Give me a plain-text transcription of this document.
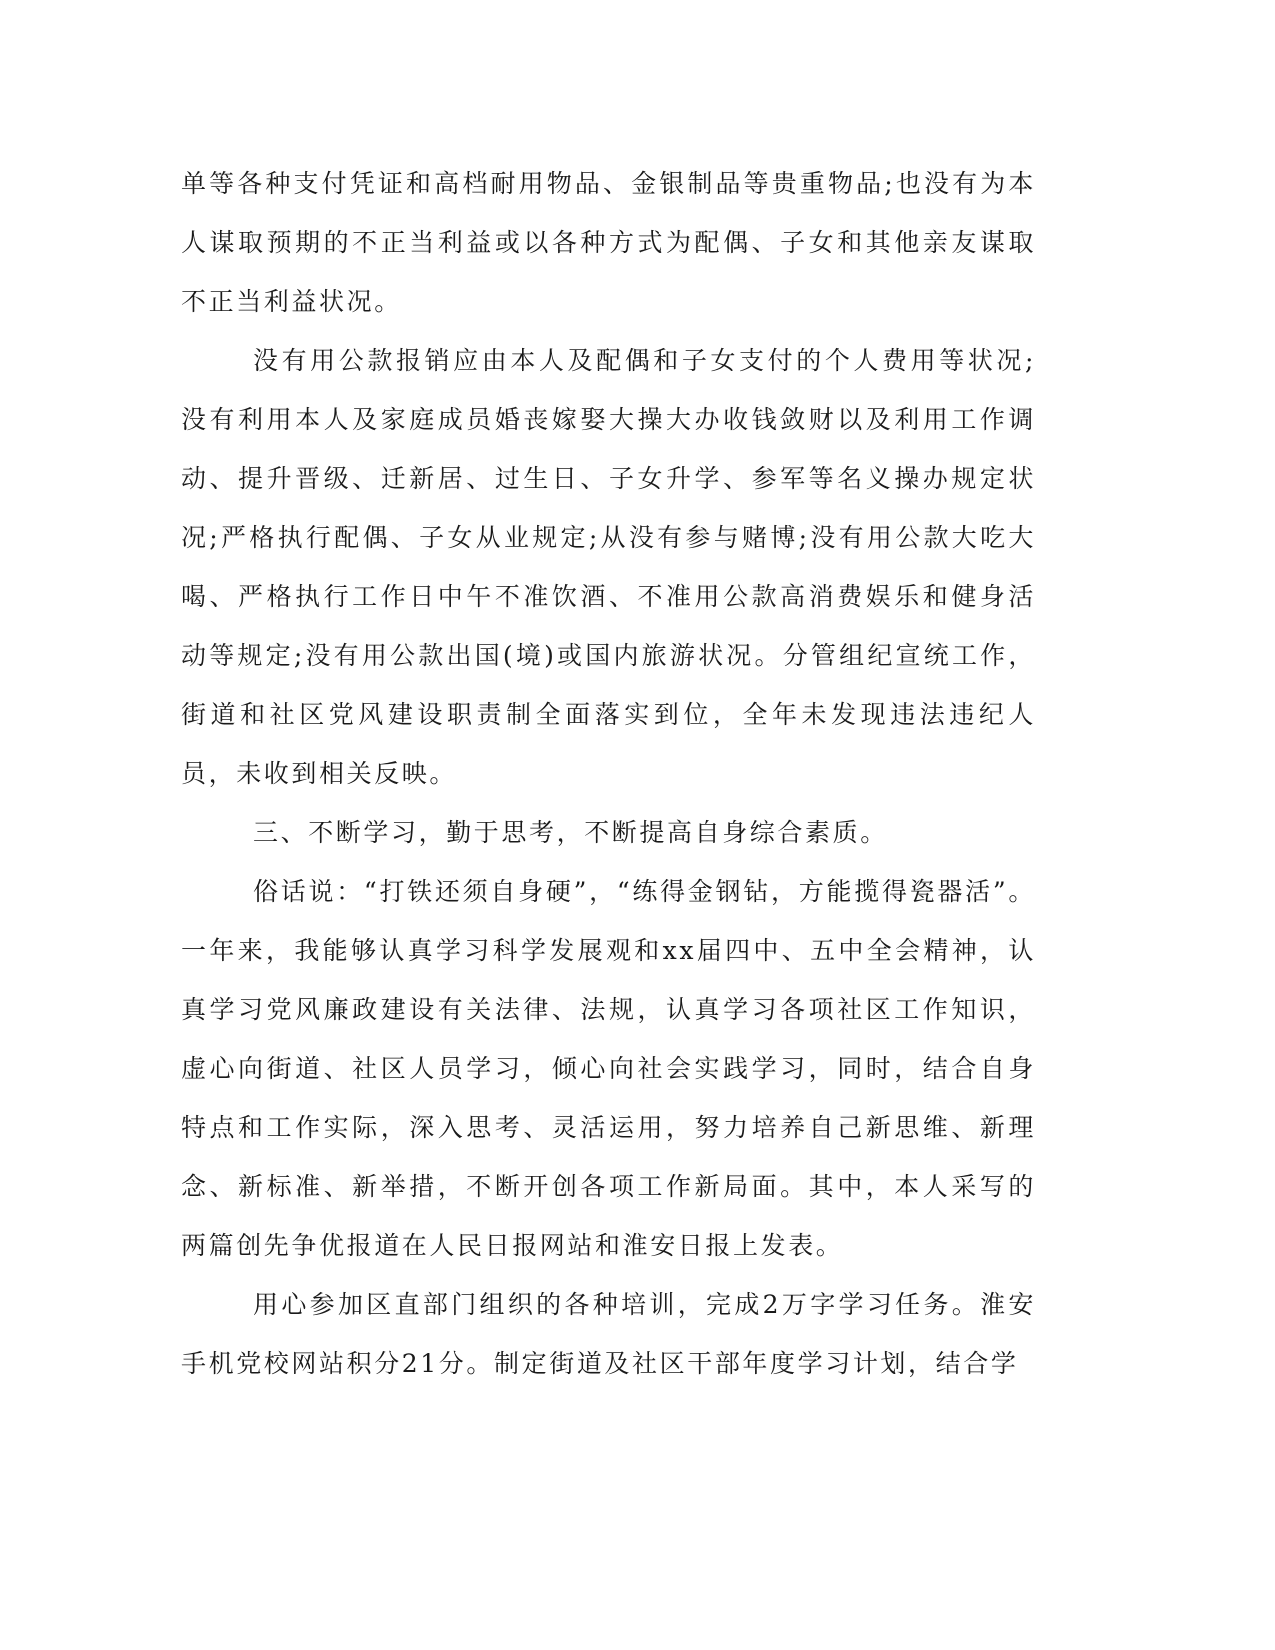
单等各种支付凭证和高档耐用物品、金银制品等贵重物品;也没有为本人谋取预期的不正当利益或以各种方式为配偶、子女和其他亲友谋取不正当利益状况。

没有用公款报销应由本人及配偶和子女支付的个人费用等状况;没有利用本人及家庭成员婚丧嫁娶大操大办收钱敛财以及利用工作调动、提升晋级、迁新居、过生日、子女升学、参军等名义操办规定状况;严格执行配偶、子女从业规定;从没有参与赌博;没有用公款大吃大喝、严格执行工作日中午不准饮酒、不准用公款高消费娱乐和健身活动等规定;没有用公款出国(境)或国内旅游状况。分管组纪宣统工作，街道和社区党风建设职责制全面落实到位，全年未发现违法违纪人员，未收到相关反映。

三、不断学习，勤于思考，不断提高自身综合素质。

俗话说：“打铁还须自身硬”，“练得金钢钻，方能揽得瓷器活”。一年来，我能够认真学习科学发展观和xx届四中、五中全会精神，认真学习党风廉政建设有关法律、法规，认真学习各项社区工作知识，虚心向街道、社区人员学习，倾心向社会实践学习，同时，结合自身特点和工作实际，深入思考、灵活运用，努力培养自己新思维、新理念、新标准、新举措，不断开创各项工作新局面。其中，本人采写的两篇创先争优报道在人民日报网站和淮安日报上发表。

用心参加区直部门组织的各种培训，完成2万字学习任务。淮安手机党校网站积分21分。制定街道及社区干部年度学习计划，结合学
